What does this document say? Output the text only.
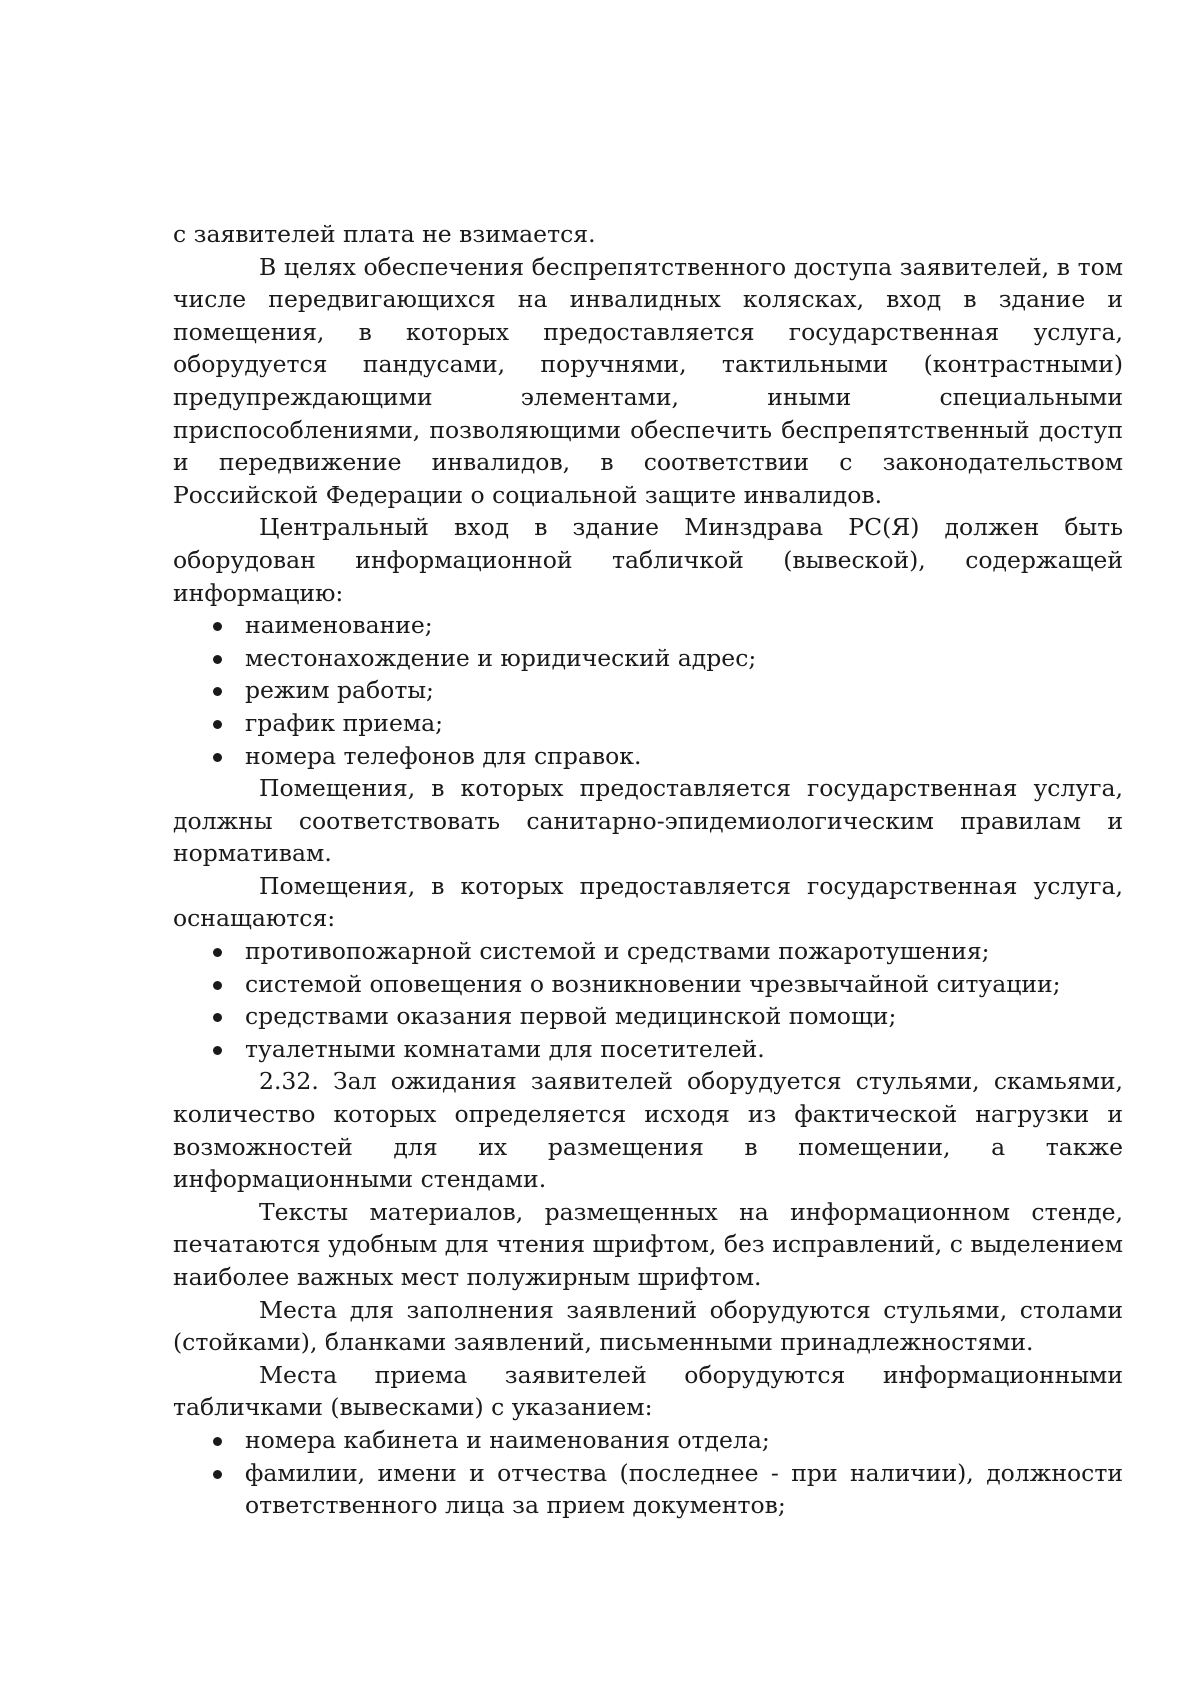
с заявителей плата не взимается.

В целях обеспечения беспрепятственного доступа заявителей, в том числе передвигающихся на инвалидных колясках, вход в здание и помещения, в которых предоставляется государственная услуга, оборудуется пандусами, поручнями, тактильными (контрастными) предупреждающими элементами, иными специальными приспособлениями, позволяющими обеспечить беспрепятственный доступ и передвижение инвалидов, в соответствии с законодательством Российской Федерации о социальной защите инвалидов.

Центральный вход в здание Минздрава РС(Я) должен быть оборудован информационной табличкой (вывеской), содержащей информацию:

наименование;
местонахождение и юридический адрес;
режим работы;
график приема;
номера телефонов для справок.

Помещения, в которых предоставляется государственная услуга, должны соответствовать санитарно-эпидемиологическим правилам и нормативам.

Помещения, в которых предоставляется государственная услуга, оснащаются:

противопожарной системой и средствами пожаротушения;
системой оповещения о возникновении чрезвычайной ситуации;
средствами оказания первой медицинской помощи;
туалетными комнатами для посетителей.

2.32. Зал ожидания заявителей оборудуется стульями, скамьями, количество которых определяется исходя из фактической нагрузки и возможностей для их размещения в помещении, а также информационными стендами.

Тексты материалов, размещенных на информационном стенде, печатаются удобным для чтения шрифтом, без исправлений, с выделением наиболее важных мест полужирным шрифтом.

Места для заполнения заявлений оборудуются стульями, столами (стойками), бланками заявлений, письменными принадлежностями.

Места приема заявителей оборудуются информационными табличками (вывесками) с указанием:

номера кабинета и наименования отдела;
фамилии, имени и отчества (последнее - при наличии), должности ответственного лица за прием документов;
